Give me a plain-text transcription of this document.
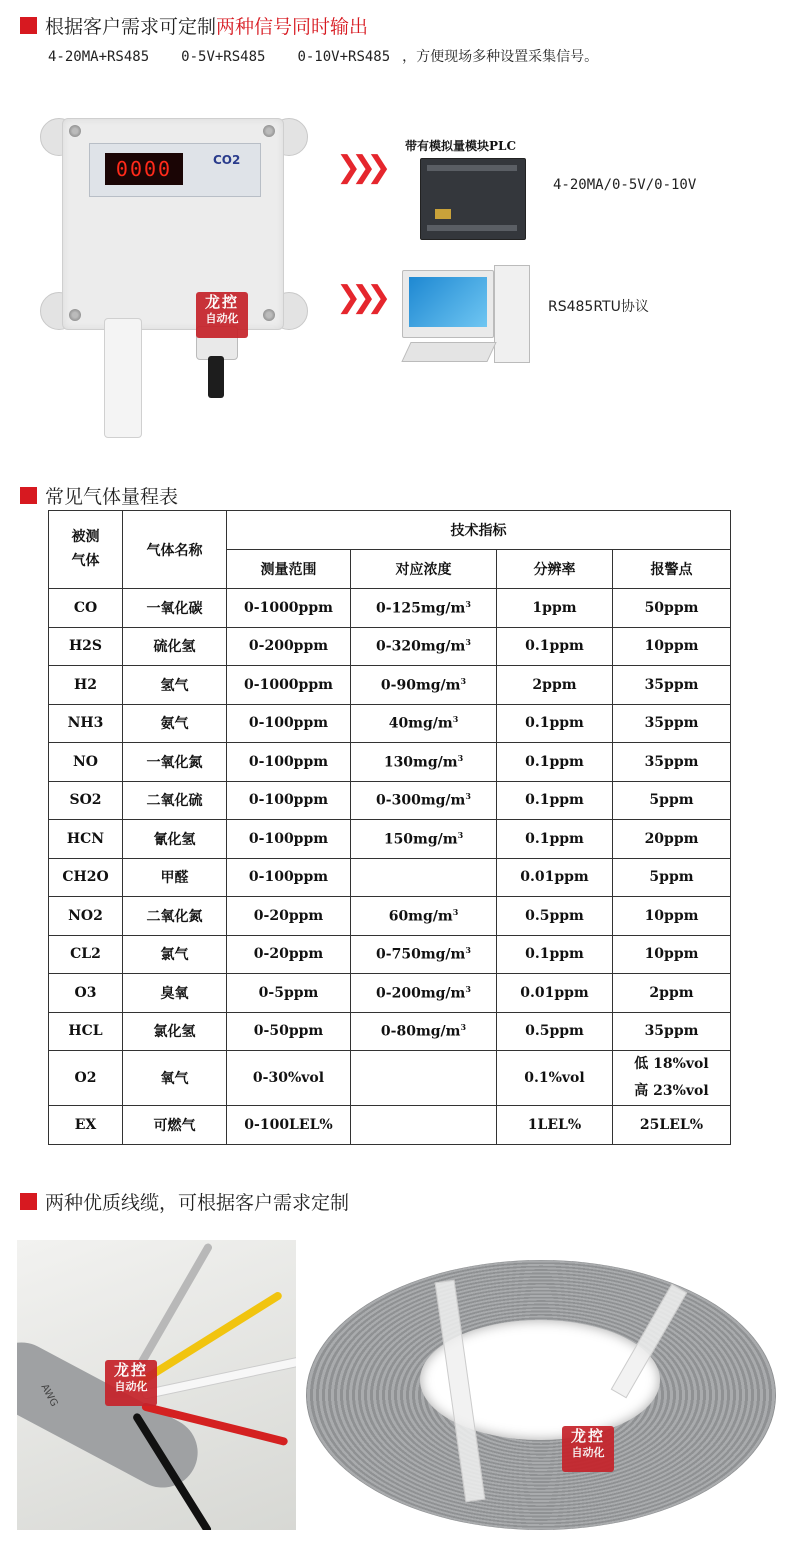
根据客户需求可定制 两种信号同时输出
4-20MA+RS485 0-5V+RS485 0-10V+RS485 ，方便现场多种设置采集信号。
0000	CO2
龙控
自动化
❯❯❯
❯❯❯
带有模拟量模块PLC
4-20MA/0-5V/0-10V
RS485RTU协议
常见气体量程表
被测
气体	气体名称	技术指标			
		测量范围	对应浓度	分辨率	报警点
CO	一氧化碳	0-1000ppm	$0-125mg/m^3$	1ppm	50ppm
H2S	硫化氢	0-200ppm	$0-320mg/m^3$	0.1ppm	10ppm
H2	氢气	0-1000ppm	$0-90mg/m^3$	2ppm	35ppm
NH3	氨气	0-100ppm	$40mg/m^3$	0.1ppm	35ppm
NO	一氧化氮	0-100ppm	$130mg/m^3$	0.1ppm	35ppm
SO2	二氧化硫	0-100ppm	$0-300mg/m^3$	0.1ppm	5ppm
HCN	氰化氢	0-100ppm	$150mg/m^3$	0.1ppm	20ppm
CH2O	甲醛	0-100ppm		0.01ppm	5ppm
NO2	二氧化氮	0-20ppm	$60mg/m^3$	0.5ppm	10ppm
CL2	氯气	0-20ppm	$0-750mg/m^3$	0.1ppm	10ppm
O3	臭氧	0-5ppm	$0-200mg/m^3$	0.01ppm	2ppm
HCL	氯化氢	0-50ppm	$0-80mg/m^3$	0.5ppm	35ppm
O2	氧气	0-30%vol		0.1%vol	低 18%vol
高 23%vol
EX	可燃气	0-100LEL%		1LEL%	25LEL%
两种优质线缆，可根据客户需求定制
AWG
龙控
自动化
龙控
自动化
